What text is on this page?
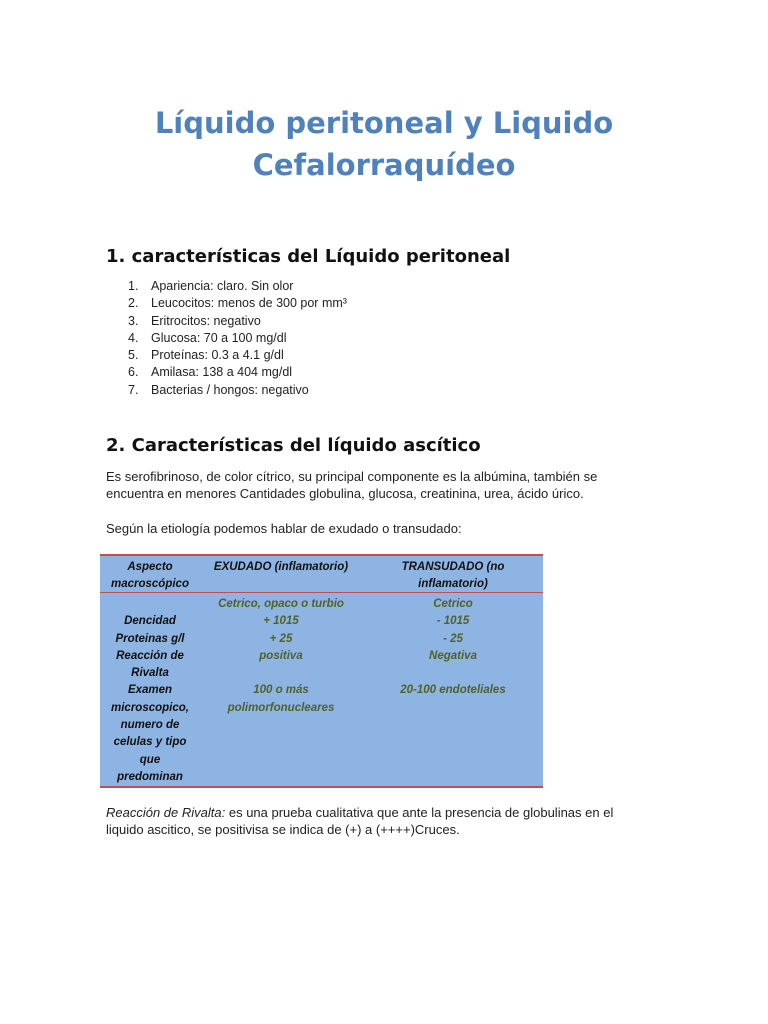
Líquido peritoneal y Liquido
Cefalorraquídeo
1. características del Líquido peritoneal
1. Apariencia: claro. Sin olor
2. Leucocitos: menos de 300 por mm³
3. Eritrocitos: negativo
4. Glucosa: 70 a 100 mg/dl
5. Proteínas: 0.3 a 4.1 g/dl
6. Amilasa: 138 a 404 mg/dl
7. Bacterias / hongos: negativo
2. Características del líquido ascítico
Es serofibrinoso, de color cítrico, su principal componente es la albúmina, también se
encuentra en menores Cantidades globulina, glucosa, creatinina, urea, ácido úrico.
Según la etiología podemos hablar de exudado o transudado:
Aspecto
macroscópico
EXUDADO (inflamatorio)	TRANSUDADO (no
inflamatorio)
Dencidad
Proteinas g/l
Reacción de
Rivalta
Examen
microscopico,
numero de
celulas y tipo
que
predominan
Cetrico, opaco o turbio
+ 1015
+ 25
positiva
100 o más
polimorfonucleares
Cetrico
- 1015
- 25
Negativa
20-100 endoteliales
Reacción de Rivalta: es una prueba cualitativa que ante la presencia de globulinas en el
liquido ascitico, se positivisa se indica de (+) a (++++)Cruces.
